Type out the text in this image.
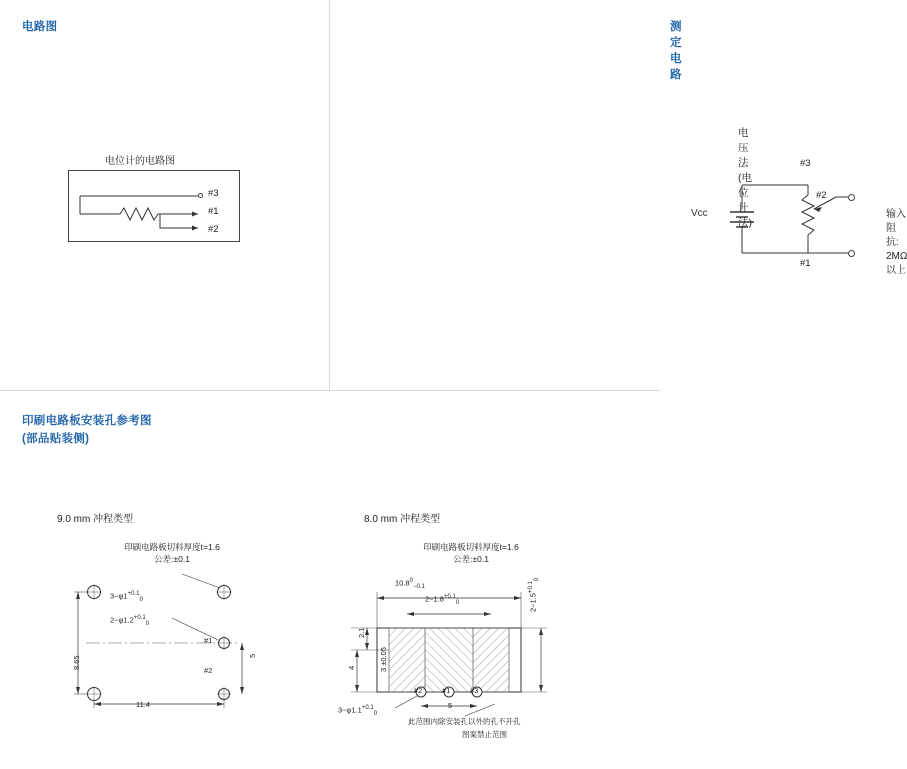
电路图
电位计的电路图
#3
#1
#2
测定电路
电压法(电位计法)
Vcc
#2
#3
#1
输入阻抗:
2MΩ 以上
印刷电路板安装孔参考图
(部品贴装侧)
9.0 mm 冲程类型
印刷电路板切料厚度t=1.6
公差:±0.1
$3-\varphi 1^{+0.1}_0$
$2-\varphi 1.2^{+0.1}_0$
8.65
11.4
5
#1
#2
8.0 mm 冲程类型
印刷电路板切料厚度t=1.6
公差:±0.1
$10.8^0_{-0.1}$
$2-1.8^{+0.1}_0$	$2-1.5^{+0.1}_0$
2.1
4	3 ±0.05
5
$3-\varphi 1.1^{+0.1}_0$
#2	#1	#3
此范围内除安装孔以外的孔不开孔
图案禁止范围
